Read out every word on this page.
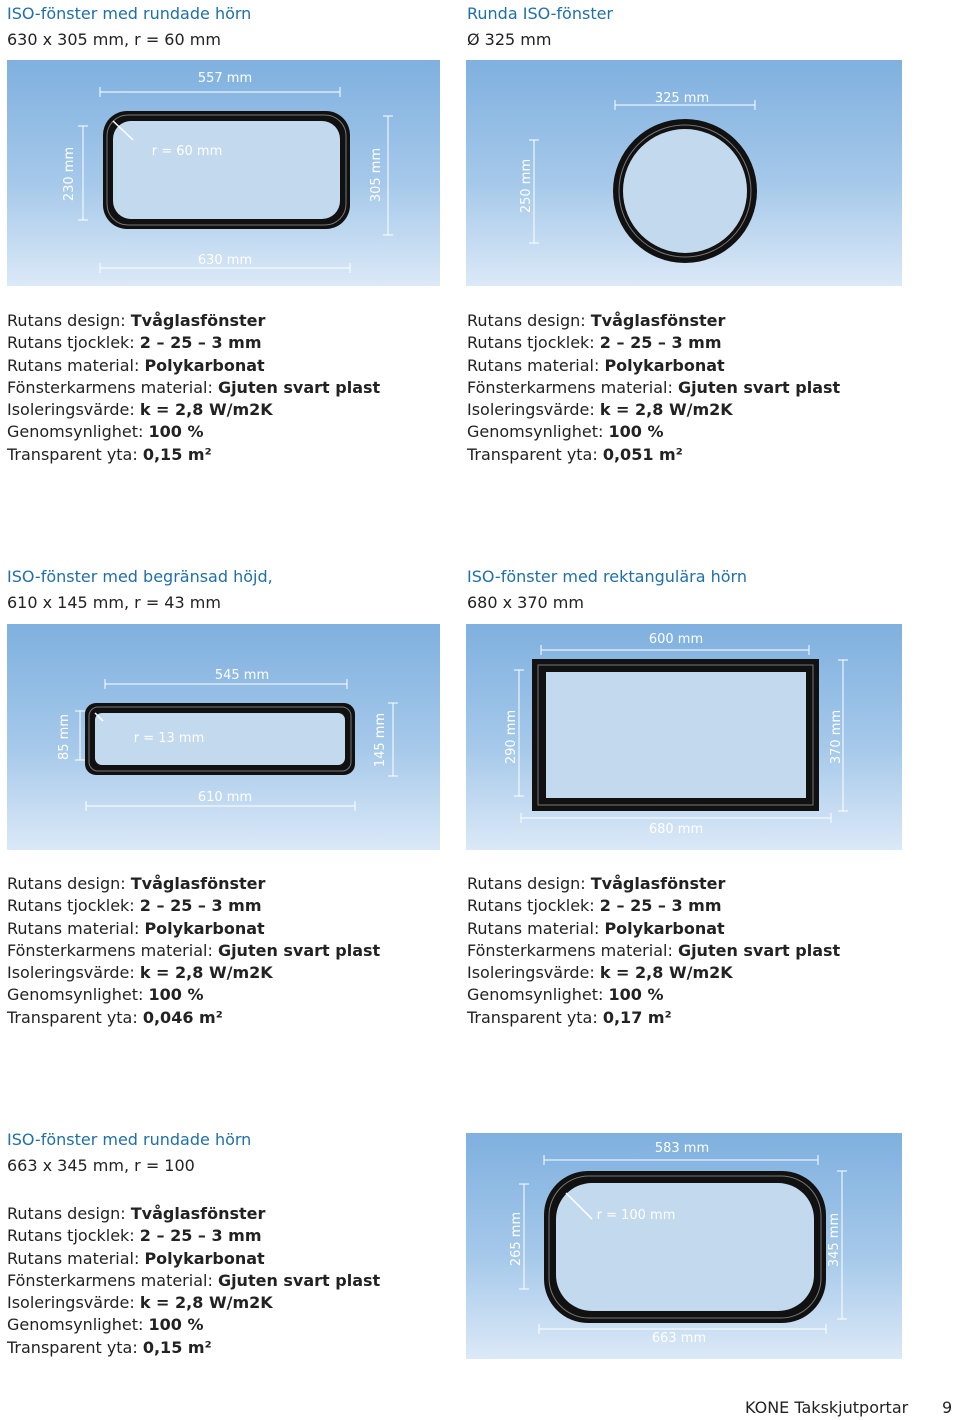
ISO-fönster med rundade hörn
630 x 305 mm, r = 60 mm
557 mm
630 mm
r = 60 mm
230 mm	305 mm
Rutans design: Tvåglasfönster
Rutans tjocklek: 2 – 25 – 3 mm
Rutans material: Polykarbonat
Fönsterkarmens material: Gjuten svart plast
Isoleringsvärde: k = 2,8 W/m2K
Genomsynlighet: 100 %
Transparent yta: 0,15 m²
Runda ISO-fönster
Ø 325 mm
325 mm
250 mm
Rutans design: Tvåglasfönster
Rutans tjocklek: 2 – 25 – 3 mm
Rutans material: Polykarbonat
Fönsterkarmens material: Gjuten svart plast
Isoleringsvärde: k = 2,8 W/m2K
Genomsynlighet: 100 %
Transparent yta: 0,051 m²
ISO-fönster med begränsad höjd,
610 x 145 mm, r = 43 mm
545 mm
610 mm
r = 13 mm
85 mm	145 mm
Rutans design: Tvåglasfönster
Rutans tjocklek: 2 – 25 – 3 mm
Rutans material: Polykarbonat
Fönsterkarmens material: Gjuten svart plast
Isoleringsvärde: k = 2,8 W/m2K
Genomsynlighet: 100 %
Transparent yta: 0,046 m²
ISO-fönster med rektangulära hörn
680 x 370 mm
600 mm
680 mm
290 mm	370 mm
Rutans design: Tvåglasfönster
Rutans tjocklek: 2 – 25 – 3 mm
Rutans material: Polykarbonat
Fönsterkarmens material: Gjuten svart plast
Isoleringsvärde: k = 2,8 W/m2K
Genomsynlighet: 100 %
Transparent yta: 0,17 m²
ISO-fönster med rundade hörn
663 x 345 mm, r = 100
Rutans design: Tvåglasfönster
Rutans tjocklek: 2 – 25 – 3 mm
Rutans material: Polykarbonat
Fönsterkarmens material: Gjuten svart plast
Isoleringsvärde: k = 2,8 W/m2K
Genomsynlighet: 100 %
Transparent yta: 0,15 m²
583 mm
663 mm
r = 100 mm
265 mm	345 mm
KONE Takskjutportar 9
